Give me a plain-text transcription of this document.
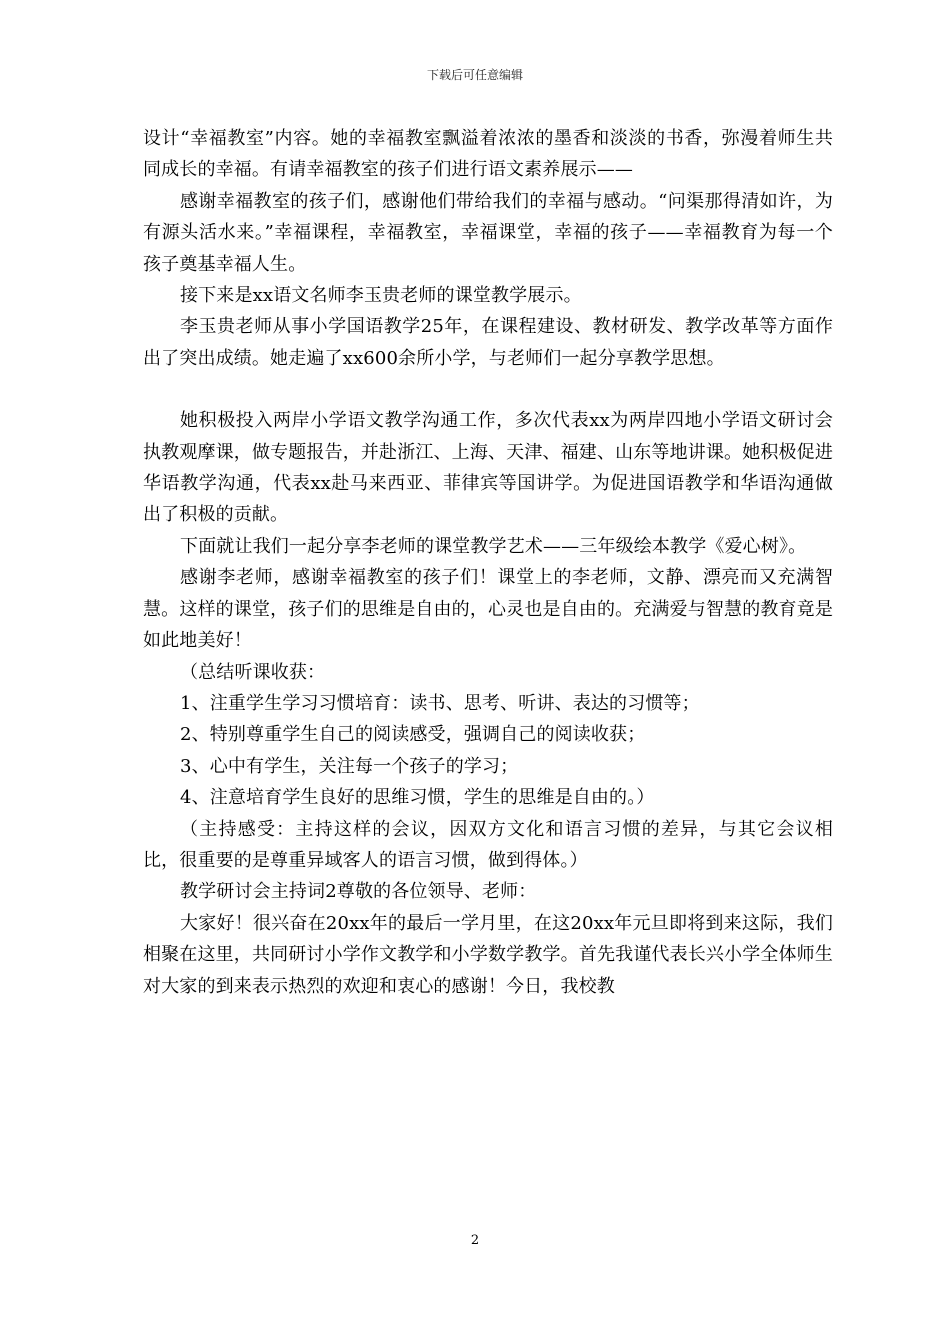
下载后可任意编辑

设计“幸福教室”内容。她的幸福教室飘溢着浓浓的墨香和淡淡的书香，弥漫着师生共同成长的幸福。有请幸福教室的孩子们进行语文素养展示——

感谢幸福教室的孩子们，感谢他们带给我们的幸福与感动。“问渠那得清如许，为有源头活水来。”幸福课程，幸福教室，幸福课堂，幸福的孩子——幸福教育为每一个孩子奠基幸福人生。

接下来是xx语文名师李玉贵老师的课堂教学展示。

李玉贵老师从事小学国语教学25年，在课程建设、教材研发、教学改革等方面作出了突出成绩。她走遍了xx600余所小学，与老师们一起分享教学思想。

她积极投入两岸小学语文教学沟通工作，多次代表xx为两岸四地小学语文研讨会执教观摩课，做专题报告，并赴浙江、上海、天津、福建、山东等地讲课。她积极促进华语教学沟通，代表xx赴马来西亚、菲律宾等国讲学。为促进国语教学和华语沟通做出了积极的贡献。

下面就让我们一起分享李老师的课堂教学艺术——三年级绘本教学《爱心树》。

感谢李老师，感谢幸福教室的孩子们！课堂上的李老师，文静、漂亮而又充满智慧。这样的课堂，孩子们的思维是自由的，心灵也是自由的。充满爱与智慧的教育竟是如此地美好！

（总结听课收获：

1、注重学生学习习惯培育：读书、思考、听讲、表达的习惯等；

2、特别尊重学生自己的阅读感受，强调自己的阅读收获；

3、心中有学生，关注每一个孩子的学习；

4、注意培育学生良好的思维习惯，学生的思维是自由的。）

（主持感受：主持这样的会议，因双方文化和语言习惯的差异，与其它会议相比，很重要的是尊重异域客人的语言习惯，做到得体。）

教学研讨会主持词2尊敬的各位领导、老师：

大家好！很兴奋在20xx年的最后一学月里，在这20xx年元旦即将到来这际，我们相聚在这里，共同研讨小学作文教学和小学数学教学。首先我谨代表长兴小学全体师生对大家的到来表示热烈的欢迎和衷心的感谢！今日，我校教

2
